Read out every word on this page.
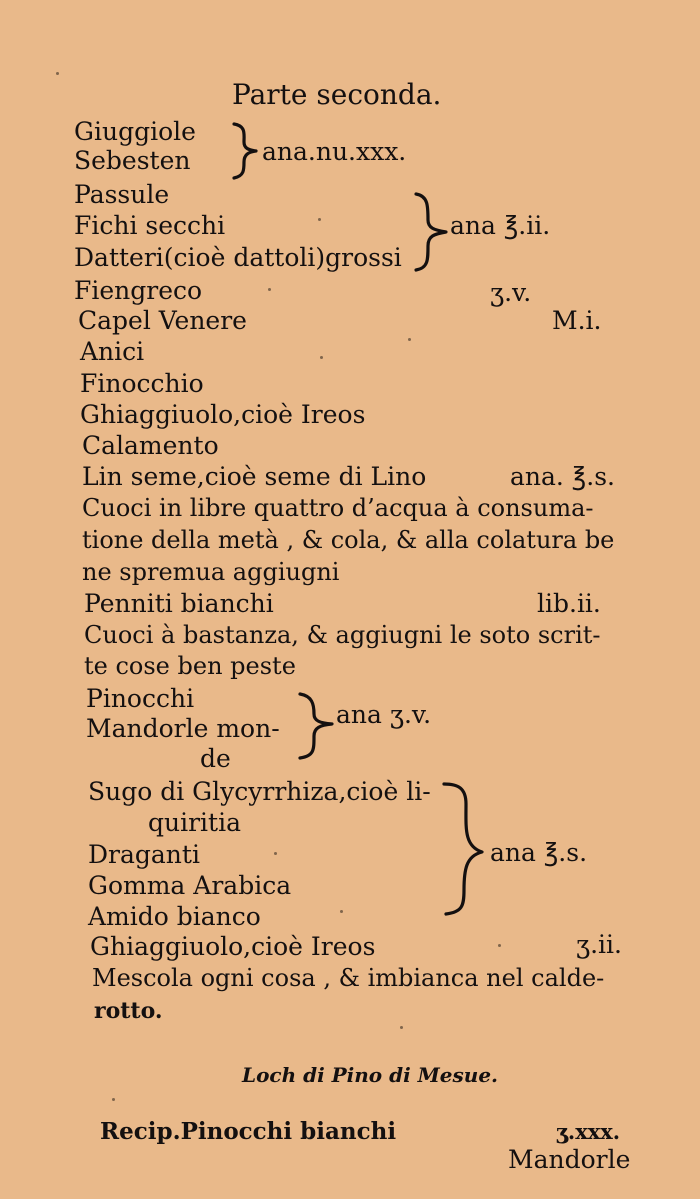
Parte seconda.
Giuggiole
Sebesten	ana.nu.xxx.
Passule
Fichi secchi	ana ℥.ii.
Datteri(cioè dattoli)grossi
Fiengreco	ʒ.v.
Capel Venere	M.i.
Anici
Finocchio
Ghiaggiuolo,cioè Ireos
Calamento
Lin seme,cioè seme di Lino	ana. ℥.s.
Cuoci in libre quattro d’acqua à consuma-
tione della metà , & cola, & alla colatura be
ne spremua aggiugni
Penniti bianchi	lib.ii.
Cuoci à bastanza, & aggiugni le soto scrit-
te cose ben peste
Pinocchi
Mandorle mon-
de
ana ʒ.v.
Sugo di Glycyrrhiza,cioè li-
quiritia
Draganti	ana ℥.s.
Gomma Arabica
Amido bianco
Ghiaggiuolo,cioè Ireos	ʒ.ii.
Mescola ogni cosa , & imbianca nel calde-
rotto.
Loch di Pino di Mesue.
Recip.Pinocchi bianchi	ʒ.xxx.
Mandorle
